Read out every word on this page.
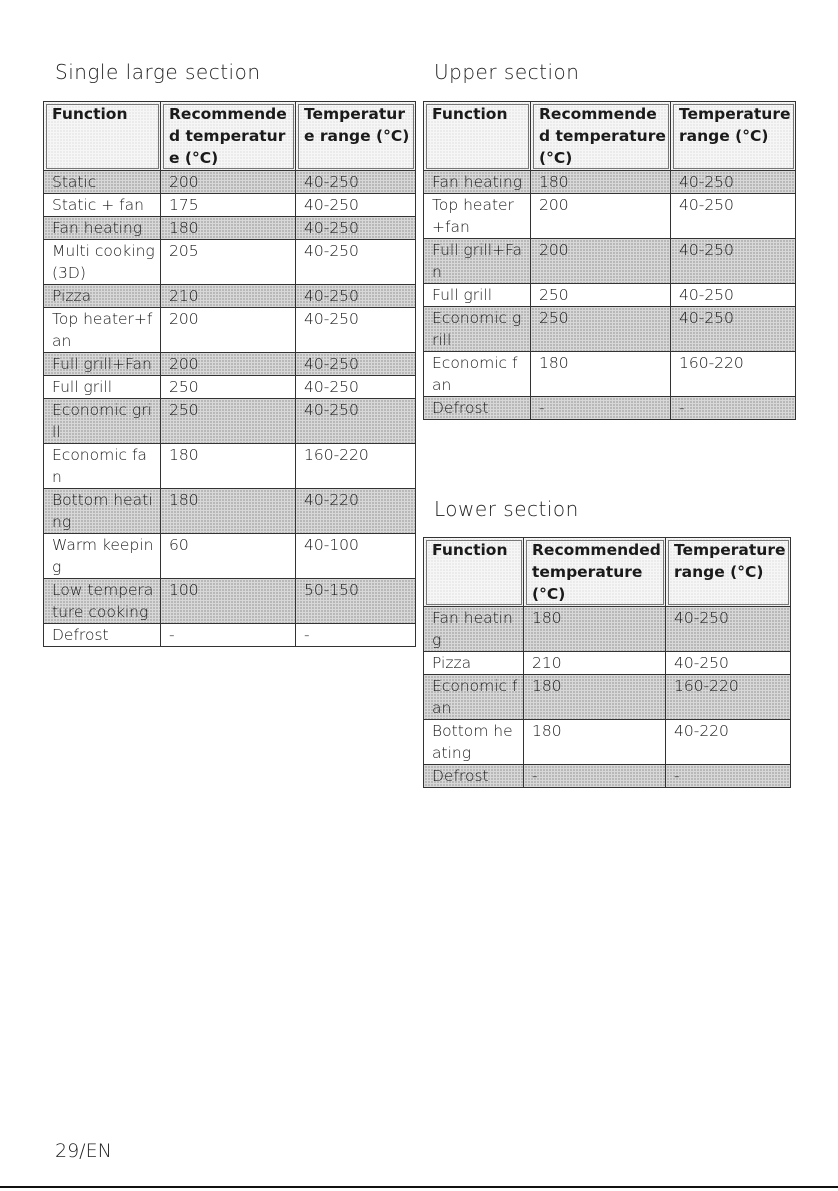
Single large section
Function	Recommended temperature (°C)	Temperature range (°C)
Static	200	40-250
Static + fan	175	40-250
Fan heating	180	40-250
Multi cooking (3D)	205	40-250
Pizza	210	40-250
Top heater+fan	200	40-250
Full grill+Fan	200	40-250
Full grill	250	40-250
Economic grill	250	40-250
Economic fan	180	160-220
Bottom heating	180	40-220
Warm keeping	60	40-100
Low temperature cooking	100	50-150
Defrost	-	-
Upper section
Function	Recommended temperature (°C)	Temperature range (°C)
Fan heating	180	40-250
Top heater+fan	200	40-250
Full grill+Fan	200	40-250
Full grill	250	40-250
Economic grill	250	40-250
Economic fan	180	160-220
Defrost	-	-
Lower section
Function	Recommended temperature (°C)	Temperature range (°C)
Fan heating	180	40-250
Pizza	210	40-250
Economic fan	180	160-220
Bottom heating	180	40-220
Defrost	-	-
29/EN
